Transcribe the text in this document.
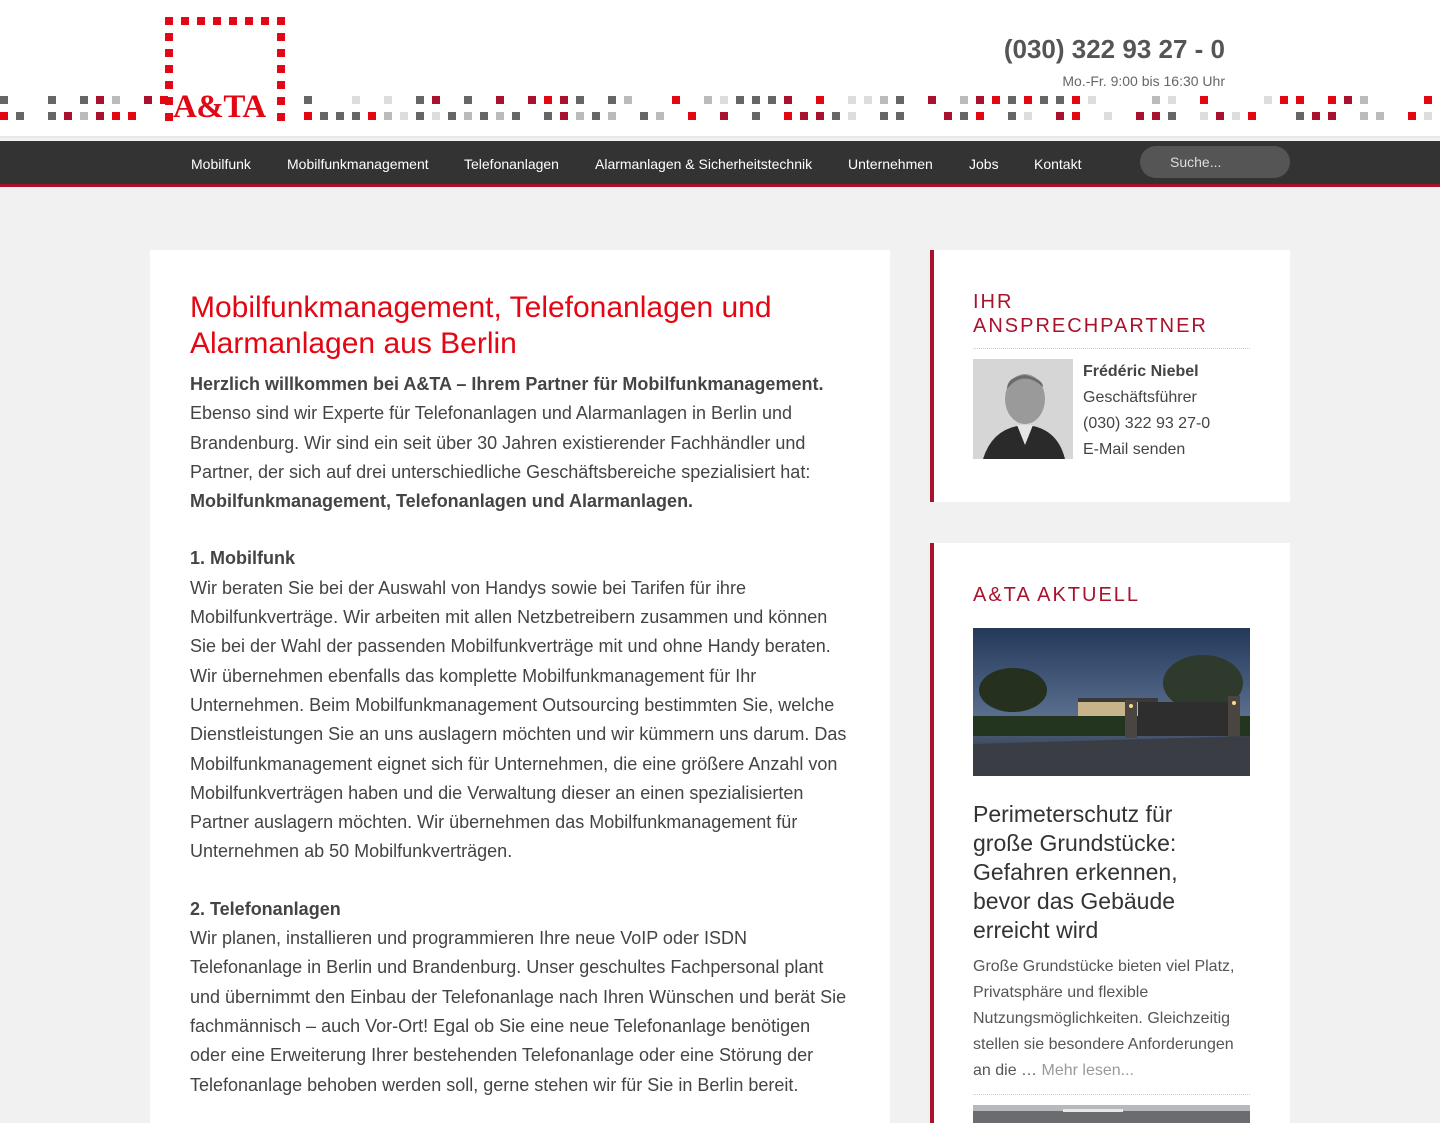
A&TA
(030) 322 93 27 - 0
Mo.-Fr. 9:00 bis 16:30 Uhr
Mobilfunk	Mobilfunkmanagement	Telefonanlagen	Alarmanlagen & Sicherheitstechnik	Unternehmen	Jobs	Kontakt
Suche...
Mobilfunkmanagement, Telefonanlagen und Alarmanlagen aus Berlin

Herzlich willkommen bei A&TA – Ihrem Partner für Mobilfunkmanagement.
Ebenso sind wir Experte für Telefonanlagen und Alarmanlagen in Berlin und Brandenburg. Wir sind ein seit über 30 Jahren existierender Fachhändler und Partner, der sich auf drei unterschiedliche Geschäftsbereiche spezialisiert hat:
Mobilfunkmanagement, Telefonanlagen und Alarmanlagen.

1. Mobilfunk
Wir beraten Sie bei der Auswahl von Handys sowie bei Tarifen für ihre Mobilfunkverträge. Wir arbeiten mit allen Netzbetreibern zusammen und können Sie bei der Wahl der passenden Mobilfunkverträge mit und ohne Handy beraten. Wir übernehmen ebenfalls das komplette Mobilfunkmanagement für Ihr Unternehmen. Beim Mobilfunkmanagement Outsourcing bestimmten Sie, welche Dienstleistungen Sie an uns auslagern möchten und wir kümmern uns darum. Das Mobilfunkmanagement eignet sich für Unternehmen, die eine größere Anzahl von Mobilfunkverträgen haben und die Verwaltung dieser an einen spezialisierten Partner auslagern möchten. Wir übernehmen das Mobilfunkmanagement für Unternehmen ab 50 Mobilfunkverträgen.

2. Telefonanlagen
Wir planen, installieren und programmieren Ihre neue VoIP oder ISDN Telefonanlage in Berlin und Brandenburg. Unser geschultes Fachpersonal plant und übernimmt den Einbau der Telefonanlage nach Ihren Wünschen und berät Sie fachmännisch – auch Vor-Ort! Egal ob Sie eine neue Telefonanlage benötigen oder eine Erweiterung Ihrer bestehenden Telefonanlage oder eine Störung der Telefonanlage behoben werden soll, gerne stehen wir für Sie in Berlin bereit.

IHR
ANSPRECHPARTNER
Frédéric Niebel
Geschäftsführer
(030) 322 93 27-0
E-Mail senden
A&TA AKTUELL
Perimeterschutz für große Grundstücke: Gefahren erkennen, bevor das Gebäude erreicht wird
Große Grundstücke bieten viel Platz, Privatsphäre und flexible Nutzungsmöglichkeiten. Gleichzeitig stellen sie besondere Anforderungen an die … Mehr lesen...
